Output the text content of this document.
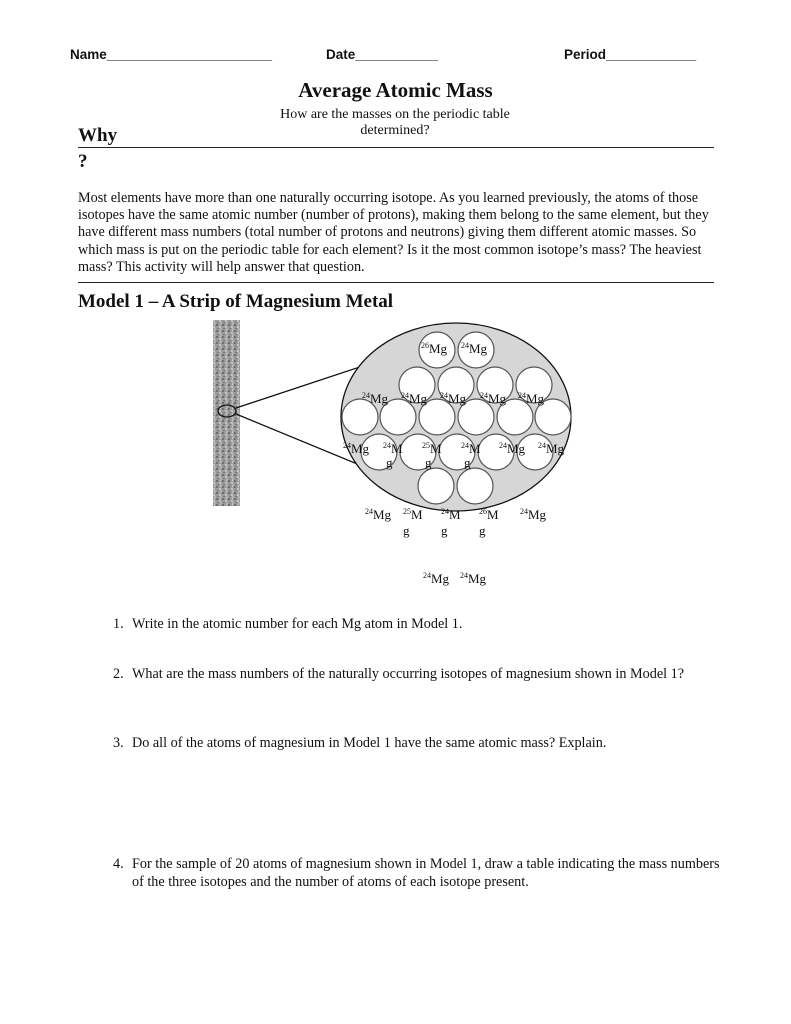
Name______________________	Date___________	Period____________
Average Atomic Mass
How are the masses on the periodic table determined?
Why ?
Most elements have more than one naturally occurring isotope. As you learned previously, the atoms of those isotopes have the same atomic number (number of protons), making them belong to the same element, but they have different mass numbers (total number of protons and neutrons) giving them different atomic masses. So which mass is put on the periodic table for each element? Is it the most common isotope’s mass? The heaviest mass? This activity will help answer that question.
Model 1 – A Strip of Magnesium Metal
$^{26}$Mg $^{24}$Mg
$^{24}$Mg $^{24}$Mg $^{24}$Mg $^{24}$Mg $^{24}$Mg
$^{24}$M
g
$^{25}$M
g
$^{24}$M
g
$^{24}$Mg	$^{24}$Mg $^{24}$Mg
$^{25}$M
g
$^{24}$M
g
$^{26}$M
g
$^{24}$Mg	$^{24}$Mg
$^{24}$Mg $^{24}$Mg
1. Write in the atomic number for each Mg atom in Model 1.
2. What are the mass numbers of the naturally occurring isotopes of magnesium shown in Model 1?
3. Do all of the atoms of magnesium in Model 1 have the same atomic mass? Explain.
4. For the sample of 20 atoms of magnesium shown in Model 1, draw a table indicating the mass numbers of the three isotopes and the number of atoms of each isotope present.
